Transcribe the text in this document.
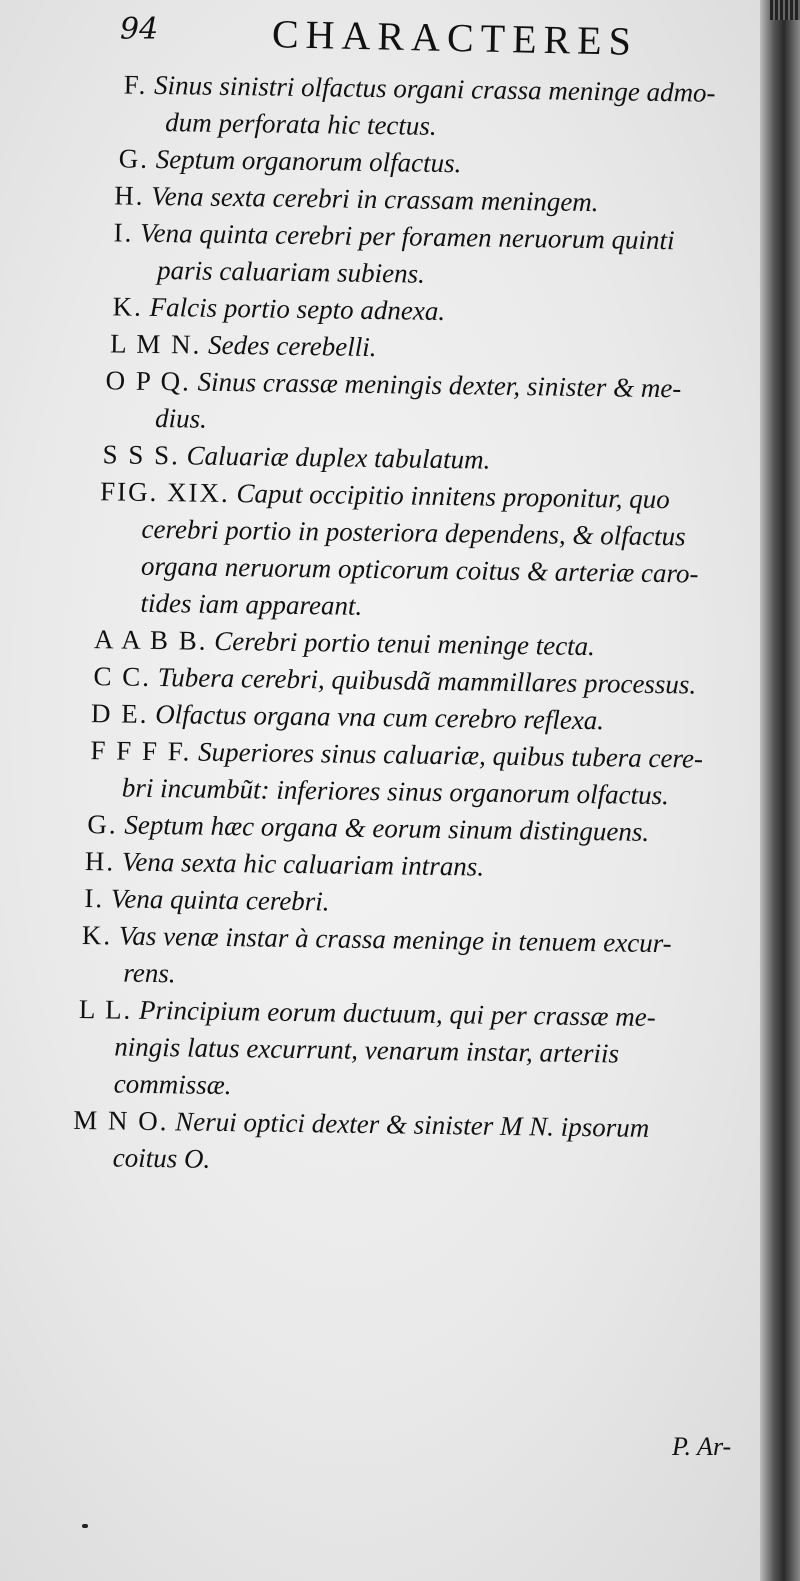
94	CHARACTERES
F. Sinus sinistri olfactus organi crassa meninge admo-
dum perforata hic tectus.
G. Septum organorum olfactus.
H. Vena sexta cerebri in crassam meningem.
I. Vena quinta cerebri per foramen neruorum quinti
paris caluariam subiens.
K. Falcis portio septo adnexa.
L M N. Sedes cerebelli.
O P Q. Sinus crassæ meningis dexter, sinister & me-
dius.
S S S. Caluariæ duplex tabulatum.
FIG. XIX. Caput occipitio innitens proponitur, quo
cerebri portio in posteriora dependens, & olfactus
organa neruorum opticorum coitus & arteriæ caro-
tides iam appareant.
A A B B. Cerebri portio tenui meninge tecta.
C C. Tubera cerebri, quibusdã mammillares processus.
D E. Olfactus organa vna cum cerebro reflexa.
F F F F. Superiores sinus caluariæ, quibus tubera cere-
bri incumbũt: inferiores sinus organorum olfactus.
G. Septum hæc organa & eorum sinum distinguens.
H. Vena sexta hic caluariam intrans.
I. Vena quinta cerebri.
K. Vas venæ instar à crassa meninge in tenuem excur-
rens.
L L. Principium eorum ductuum, qui per crassæ me-
ningis latus excurrunt, venarum instar, arteriis
commissæ.
M N O. Nerui optici dexter & sinister M N. ipsorum
coitus O.
P. Ar-
